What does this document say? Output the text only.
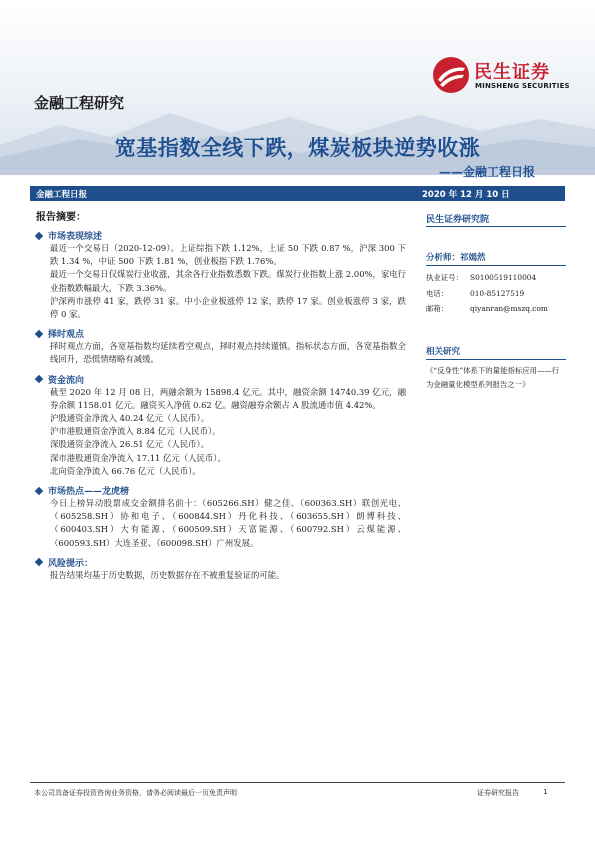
金融工程研究
民生证券
MINSHENG SECURITIES
宽基指数全线下跌，煤炭板块逆势收涨
——金融工程日报
金融工程日报	2020 年 12 月 10 日
报告摘要：
市场表现综述

最近一个交易日（2020-12-09）。上证综指下跌 1.12%，上证 50 下跌 0.87 %，沪深 300 下跌 1.34 %，中证 500 下跌 1.81 %，创业板指下跌 1.76%。

最近一个交易日仅煤炭行业收涨，其余各行业指数悉数下跌。煤炭行业指数上涨 2.00%，家电行业指数跌幅最大，下跌 3.36%。

沪深两市涨停 41 家，跌停 31 家。中小企业板涨停 12 家，跌停 17 家。创业板涨停 3 家，跌停 0 家。

择时观点

择时观点方面，各宽基指数均延续看空观点，择时观点持续谨慎。指标状态方面，各宽基指数全线回升，恐慌情绪略有减缓。

资金流向

截至 2020 年 12 月 08 日，两融余额为 15898.4 亿元。其中，融资余额 14740.39 亿元，融券余额 1158.01 亿元。融资买入净值 0.62 亿。融资融券余额占 A 股流通市值 4.42%。

沪股通资金净流入 40.24 亿元（人民币）。

沪市港股通资金净流入 8.84 亿元（人民币）。

深股通资金净流入 26.51 亿元（人民币）。

深市港股通资金净流入 17.11 亿元（人民币）。

北向资金净流入 66.76 亿元（人民币）。

市场热点——龙虎榜

今日上榜异动股票成交金额排名前十：（605266.SH）健之佳、（600363.SH）联创光电、（605258.SH）协和电子、（600844.SH）丹化科技、（603655.SH）朗博科技、（600403.SH）大有能源、（600509.SH）天富能源、（600792.SH）云煤能源、（600593.SH）大连圣亚、（600098.SH）广州发展。

风险提示：

报告结果均基于历史数据，历史数据存在不被重复验证的可能。

民生证券研究院
分析师：祁嫣然
执业证号： S0100519110004
电话：	010-85127519
邮箱：	qiyanran@mszq.com
相关研究
《“反身性”体系下的量能指标应用——行为金融量化模型系列报告之一》
本公司具备证券投资咨询业务资格，请务必阅读最后一页免责声明	证券研究报告	1
